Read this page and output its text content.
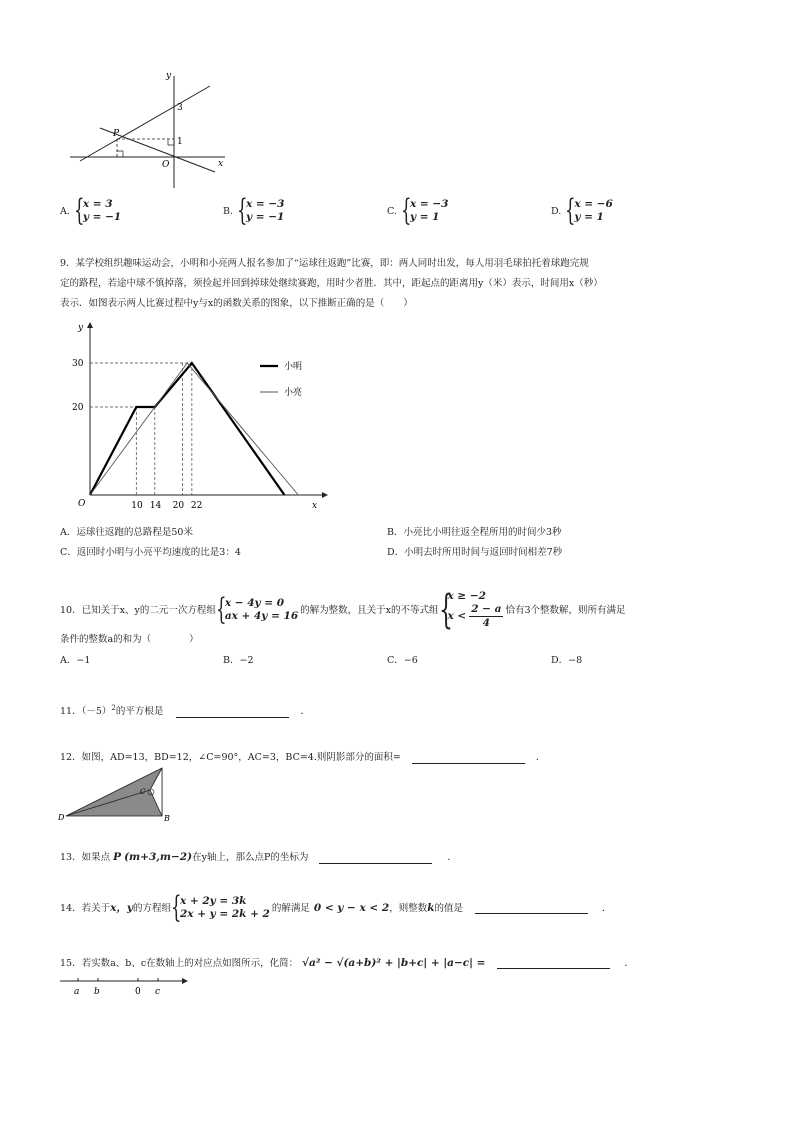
y
x
O
P
3
1
A. {
x = 3
y = −1	B. {
x = −3
y = −1	C. {
x = −3
y = 1	D. {
x = −6
y = 1
9．某学校组织趣味运动会，小明和小亮两人报名参加了“运球往返跑”比赛，即：两人同时出发，每人用羽毛球拍托着球跑完规
定的路程，若途中球不慎掉落，须捡起并回到掉球处继续赛跑，用时少者胜．其中，距起点的距离用y（米）表示，时间用x（秒）
表示．如图表示两人比赛过程中y与x的函数关系的图象，以下推断正确的是（　　）
y
x
O
20
30
10 14 20 22
小明
小亮
A．运球往返跑的总路程是50米	B．小亮比小明往返全程所用的时间少3秒
C．返回时小明与小亮平均速度的比是3：4	D．小明去时所用时间与返回时间相差7秒
10．已知关于x、y的二元一次方程组 {
x − 4y = 0
ax + 4y = 16 的解为整数，且关于x的不等式组 {
x ≥ −2
$x < \frac{2 - a}{4}$ 恰有3个整数解，则所有满足
条件的整数a的和为（　　　　）
A．−1	B．−2	C．−6	D．−8
11．$(-5)^2$的平方根是	．
12．如图，AD=13，BD=12，∠C=90°，AC=3，BC=4.则阴影部分的面积=	．
D	B
C
13．如果点 P (m+3,m−2)在y轴上，那么点P的坐标为	．
14．若关于 x，y 的方程组 {
x + 2y = 3k
2x + y = 2k + 2 的解满足 0 < y − x < 2 ，则整数 k 的值是	．
15．若实数a、b、c在数轴上的对应点如图所示，化简： √a² − √(a+b)² + |b+c| + |a−c| =	．
a b	0 c
